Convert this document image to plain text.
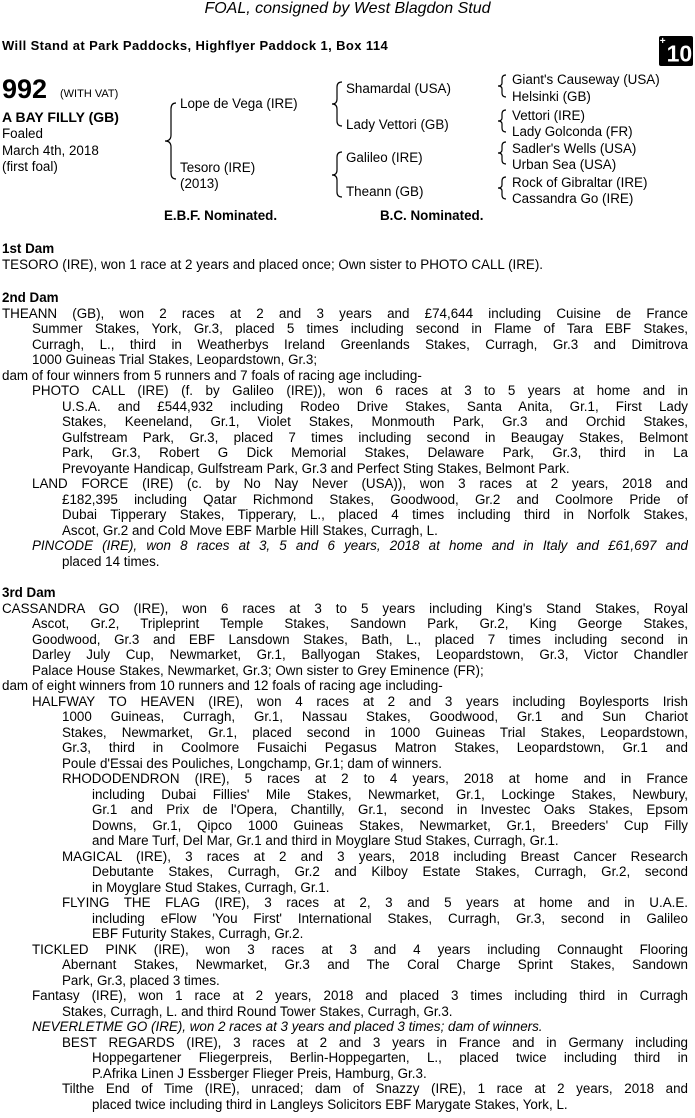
FOAL, consigned by West Blagdon Stud
Will Stand at Park Paddocks, Highflyer Paddock 1, Box 114	+10
992 (WITH VAT)
A BAY FILLY (GB)
Foaled
March 4th, 2018
(first foal)
Lope de Vega (IRE)
Tesoro (IRE)
(2013)
Shamardal (USA)
Lady Vettori (GB)
Galileo (IRE)
Theann (GB)
Giant's Causeway (USA)
Helsinki (GB)
Vettori (IRE)
Lady Golconda (FR)
Sadler's Wells (USA)
Urban Sea (USA)
Rock of Gibraltar (IRE)
Cassandra Go (IRE)
E.B.F. Nominated.	B.C. Nominated.
1st Dam
TESORO (IRE), won 1 race at 2 years and placed once; Own sister to PHOTO CALL (IRE).
2nd Dam
THEANN (GB), won 2 races at 2 and 3 years and £74,644 including Cuisine de France
Summer Stakes, York, Gr.3, placed 5 times including second in Flame of Tara EBF Stakes,
Curragh, L., third in Weatherbys Ireland Greenlands Stakes, Curragh, Gr.3 and Dimitrova
1000 Guineas Trial Stakes, Leopardstown, Gr.3;
dam of four winners from 5 runners and 7 foals of racing age including-
PHOTO CALL (IRE) (f. by Galileo (IRE)), won 6 races at 3 to 5 years at home and in
U.S.A. and £544,932 including Rodeo Drive Stakes, Santa Anita, Gr.1, First Lady
Stakes, Keeneland, Gr.1, Violet Stakes, Monmouth Park, Gr.3 and Orchid Stakes,
Gulfstream Park, Gr.3, placed 7 times including second in Beaugay Stakes, Belmont
Park, Gr.3, Robert G Dick Memorial Stakes, Delaware Park, Gr.3, third in La
Prevoyante Handicap, Gulfstream Park, Gr.3 and Perfect Sting Stakes, Belmont Park.
LAND FORCE (IRE) (c. by No Nay Never (USA)), won 3 races at 2 years, 2018 and
£182,395 including Qatar Richmond Stakes, Goodwood, Gr.2 and Coolmore Pride of
Dubai Tipperary Stakes, Tipperary, L., placed 4 times including third in Norfolk Stakes,
Ascot, Gr.2 and Cold Move EBF Marble Hill Stakes, Curragh, L.
PINCODE (IRE), won 8 races at 3, 5 and 6 years, 2018 at home and in Italy and £61,697 and
placed 14 times.
3rd Dam
CASSANDRA GO (IRE), won 6 races at 3 to 5 years including King's Stand Stakes, Royal
Ascot, Gr.2, Tripleprint Temple Stakes, Sandown Park, Gr.2, King George Stakes,
Goodwood, Gr.3 and EBF Lansdown Stakes, Bath, L., placed 7 times including second in
Darley July Cup, Newmarket, Gr.1, Ballyogan Stakes, Leopardstown, Gr.3, Victor Chandler
Palace House Stakes, Newmarket, Gr.3; Own sister to Grey Eminence (FR);
dam of eight winners from 10 runners and 12 foals of racing age including-
HALFWAY TO HEAVEN (IRE), won 4 races at 2 and 3 years including Boylesports Irish
1000 Guineas, Curragh, Gr.1, Nassau Stakes, Goodwood, Gr.1 and Sun Chariot
Stakes, Newmarket, Gr.1, placed second in 1000 Guineas Trial Stakes, Leopardstown,
Gr.3, third in Coolmore Fusaichi Pegasus Matron Stakes, Leopardstown, Gr.1 and
Poule d'Essai des Pouliches, Longchamp, Gr.1; dam of winners.
RHODODENDRON (IRE), 5 races at 2 to 4 years, 2018 at home and in France
including Dubai Fillies' Mile Stakes, Newmarket, Gr.1, Lockinge Stakes, Newbury,
Gr.1 and Prix de l'Opera, Chantilly, Gr.1, second in Investec Oaks Stakes, Epsom
Downs, Gr.1, Qipco 1000 Guineas Stakes, Newmarket, Gr.1, Breeders' Cup Filly
and Mare Turf, Del Mar, Gr.1 and third in Moyglare Stud Stakes, Curragh, Gr.1.
MAGICAL (IRE), 3 races at 2 and 3 years, 2018 including Breast Cancer Research
Debutante Stakes, Curragh, Gr.2 and Kilboy Estate Stakes, Curragh, Gr.2, second
in Moyglare Stud Stakes, Curragh, Gr.1.
FLYING THE FLAG (IRE), 3 races at 2, 3 and 5 years at home and in U.A.E.
including eFlow 'You First' International Stakes, Curragh, Gr.3, second in Galileo
EBF Futurity Stakes, Curragh, Gr.2.
TICKLED PINK (IRE), won 3 races at 3 and 4 years including Connaught Flooring
Abernant Stakes, Newmarket, Gr.3 and The Coral Charge Sprint Stakes, Sandown
Park, Gr.3, placed 3 times.
Fantasy (IRE), won 1 race at 2 years, 2018 and placed 3 times including third in Curragh
Stakes, Curragh, L. and third Round Tower Stakes, Curragh, Gr.3.
NEVERLETME GO (IRE), won 2 races at 3 years and placed 3 times; dam of winners.
BEST REGARDS (IRE), 3 races at 2 and 3 years in France and in Germany including
Hoppegartener Fliegerpreis, Berlin-Hoppegarten, L., placed twice including third in
P.Afrika Linen J Essberger Flieger Preis, Hamburg, Gr.3.
Tilthe End of Time (IRE), unraced; dam of Snazzy (IRE), 1 race at 2 years, 2018 and
placed twice including third in Langleys Solicitors EBF Marygate Stakes, York, L.
